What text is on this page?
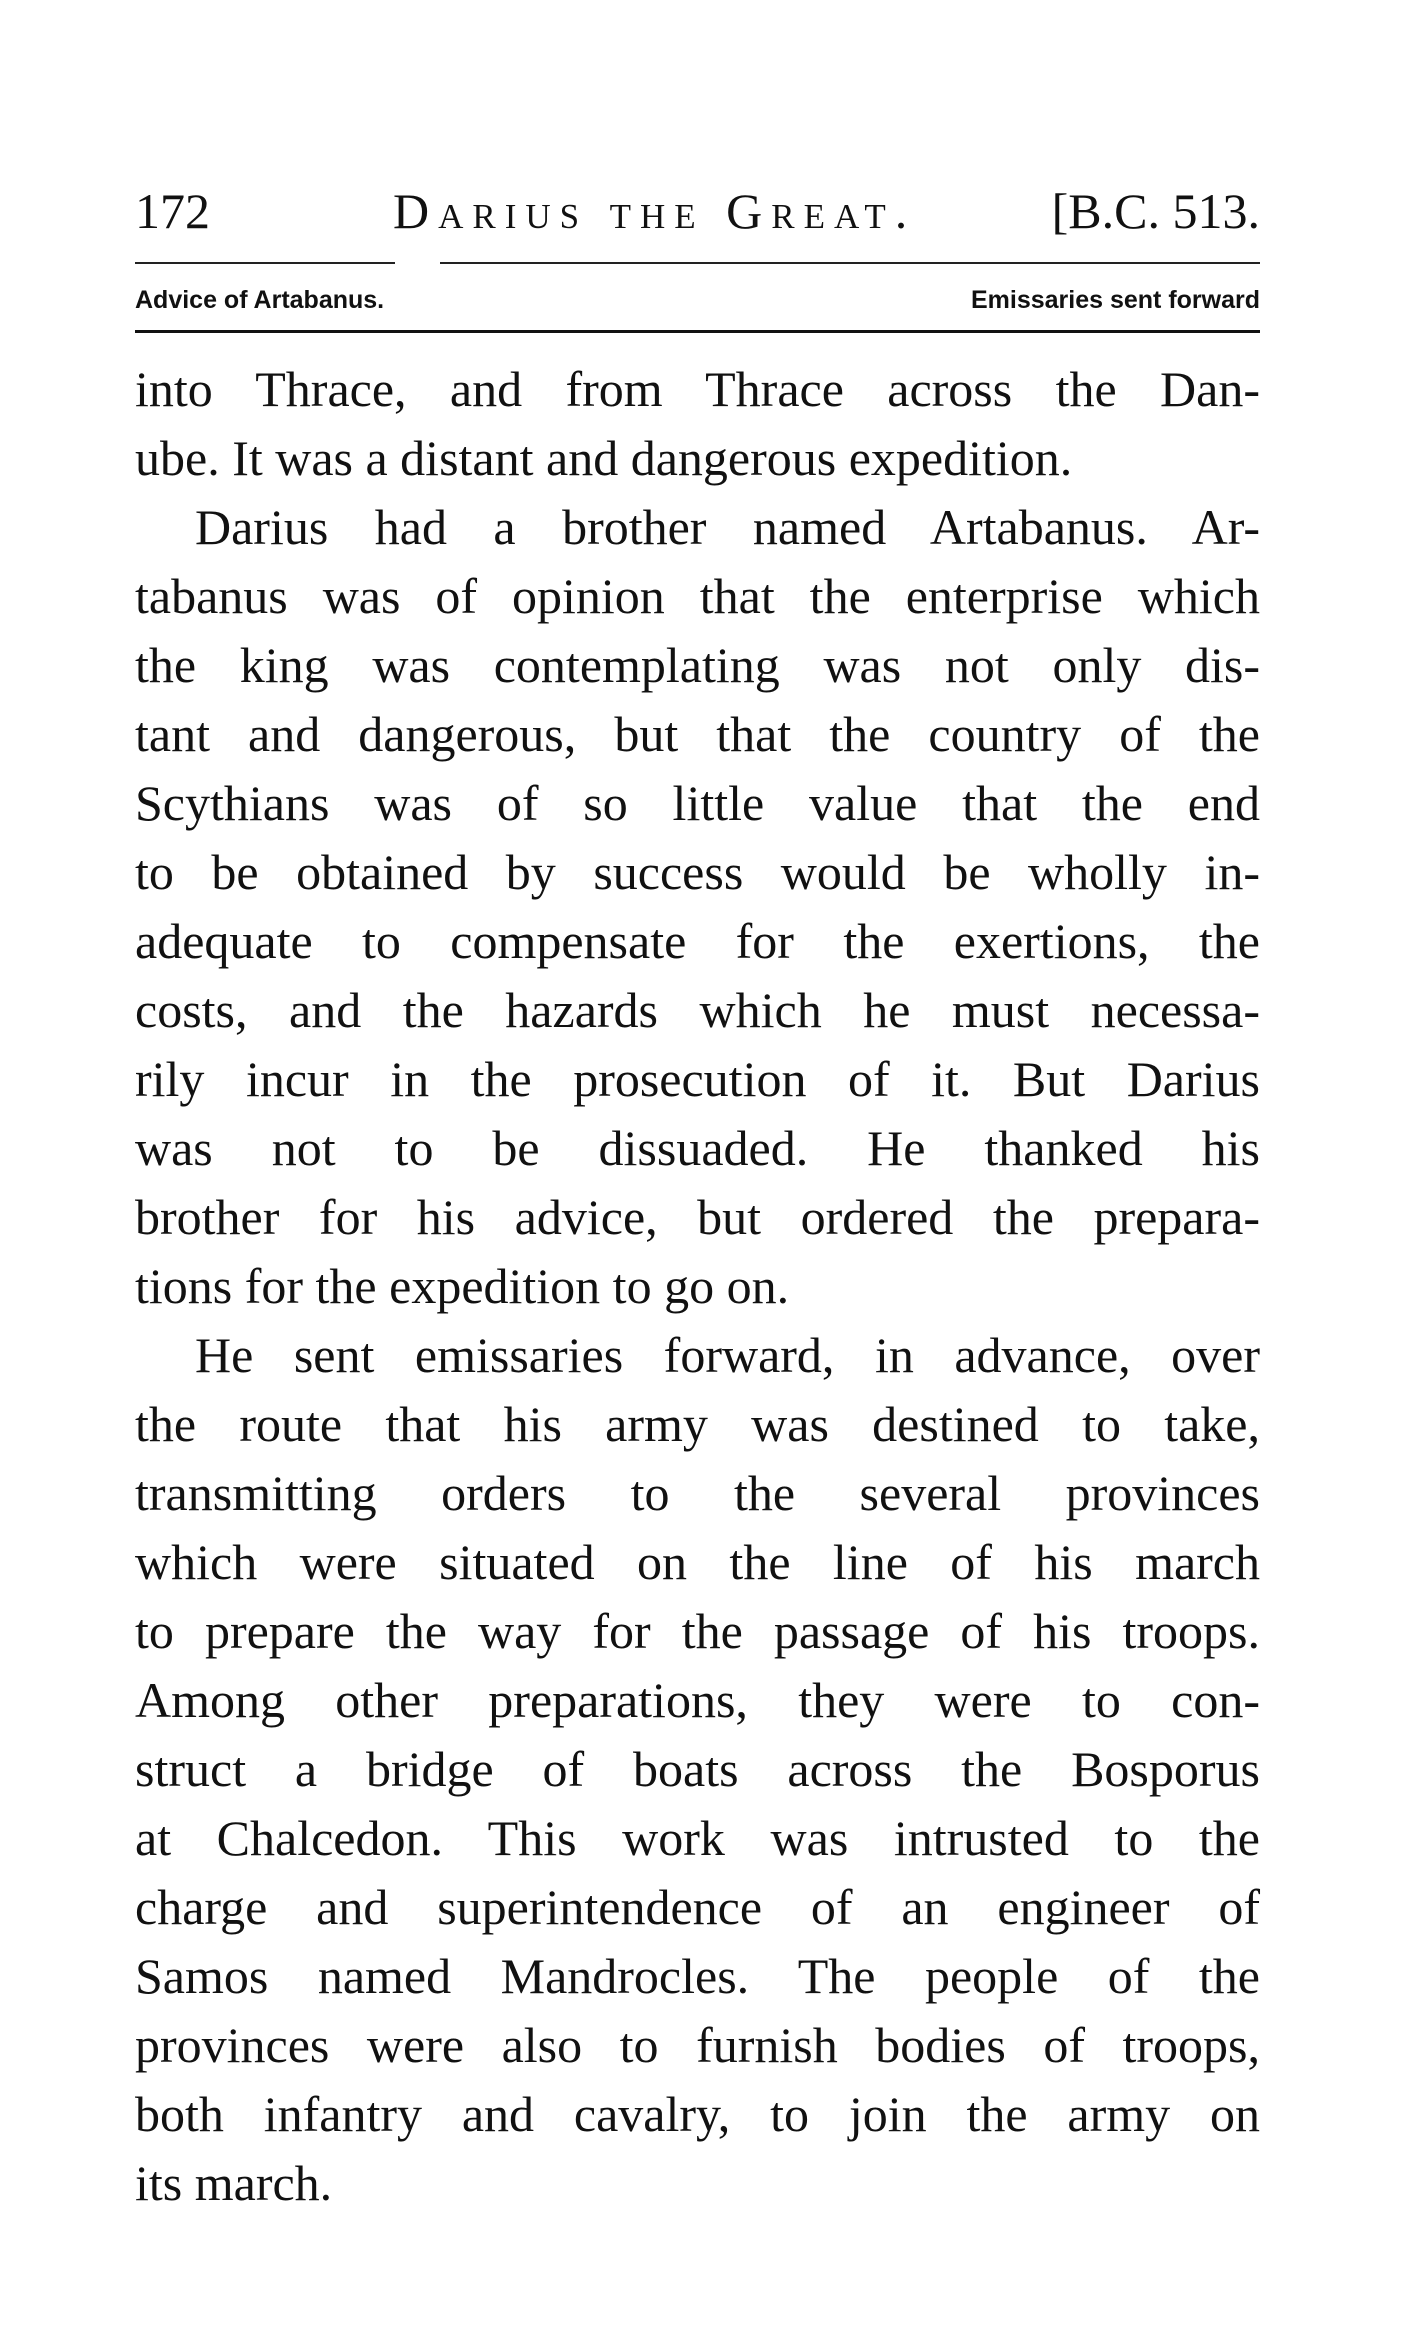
172	Darius the Great.	[B.C. 513.
Advice of Artabanus.	Emissaries sent forward
into Thrace, and from Thrace across the Dan-
ube. It was a distant and dangerous expedition.
Darius had a brother named Artabanus. Ar-
tabanus was of opinion that the enterprise which
the king was contemplating was not only dis-
tant and dangerous, but that the country of the
Scythians was of so little value that the end
to be obtained by success would be wholly in-
adequate to compensate for the exertions, the
costs, and the hazards which he must necessa-
rily incur in the prosecution of it. But Darius
was not to be dissuaded. He thanked his
brother for his advice, but ordered the prepara-
tions for the expedition to go on.
He sent emissaries forward, in advance, over
the route that his army was destined to take,
transmitting orders to the several provinces
which were situated on the line of his march
to prepare the way for the passage of his troops.
Among other preparations, they were to con-
struct a bridge of boats across the Bosporus
at Chalcedon. This work was intrusted to the
charge and superintendence of an engineer of
Samos named Mandrocles. The people of the
provinces were also to furnish bodies of troops,
both infantry and cavalry, to join the army on
its march.
